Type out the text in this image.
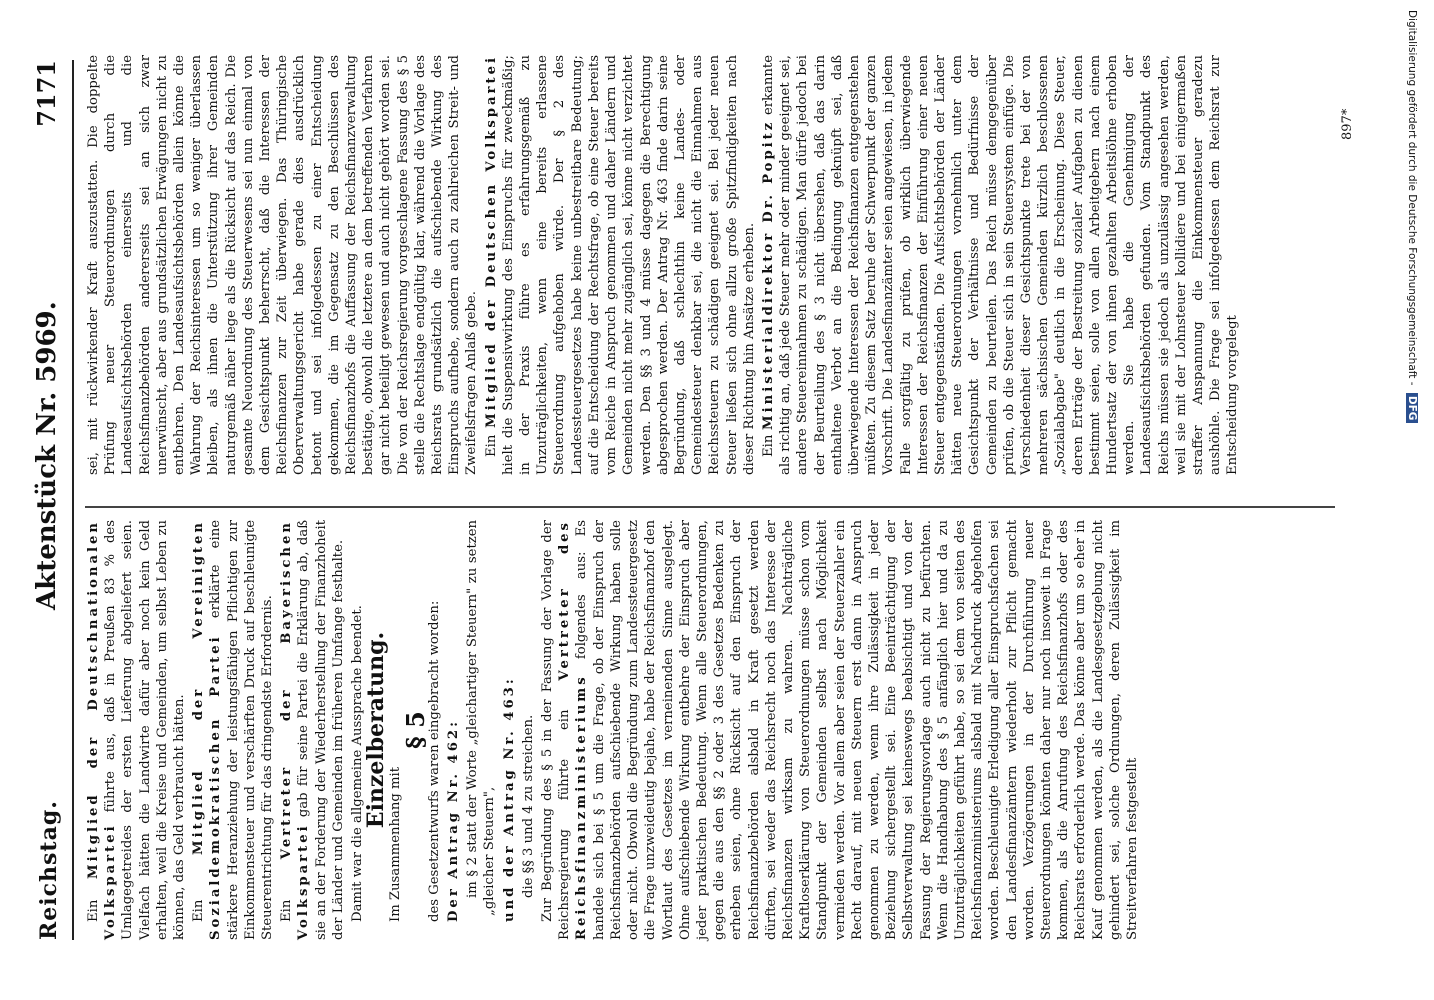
Reichstag.
Aktenstück Nr. 5969.
7171

Ein Mitglied der Deutschnationalen Volkspartei führte aus, daß in Preußen 83 % des Umlagegetreides der ersten Lieferung abgeliefert seien. Vielfach hätten die Landwirte dafür aber noch kein Geld erhalten, weil die Kreise und Gemeinden, um selbst Leben zu können, das Geld verbraucht hätten. Ein Mitglied der Vereinigten Sozialdemokratischen Partei erklärte eine stärkere Heranziehung der leistungsfähigen Pflichtigen zur Einkommensteuer und verschärften Druck auf beschleunigte Steuerentrichtung für das dringendste Erfordernis. Ein Vertreter der Bayerischen Volkspartei gab für seine Partei die Erklärung ab, daß sie an der Forderung der Wiederherstellung der Finanzhoheit der Länder und Gemeinden im früheren Umfange festhalte. Damit war die allgemeine Aussprache beendet.

Einzelberatung.

Im Zusammenhang mit

§ 5

des Gesetzentwurfs waren eingebracht worden: Der Antrag Nr. 462: im § 2 statt der Worte „gleichartiger Steuern" zu setzen „gleicher Steuern", und der Antrag Nr. 463: die §§ 3 und 4 zu streichen. Zur Begründung des § 5 in der Fassung der Vorlage der Reichsregierung führte ein Vertreter des Reichsfinanzministeriums folgendes aus: Es handele sich bei § 5 um die Frage, ob der Einspruch der Reichsfinanzbehörden aufschiebende Wirkung haben solle oder nicht. Obwohl die Begründung zum Landessteuergesetz die Frage unzweideutig bejahe, habe der Reichsfinanzhof den Wortlaut des Gesetzes im verneinenden Sinne ausgelegt. Ohne aufschiebende Wirkung entbehre der Einspruch aber jeder praktischen Bedeutung. Wenn alle Steuerordnungen, gegen die aus den §§ 2 oder 3 des Gesetzes Bedenken zu erheben seien, ohne Rücksicht auf den Einspruch der Reichsfinanzbehörden alsbald in Kraft gesetzt werden dürften, sei weder das Reichsrecht noch das Interesse der Reichsfinanzen wirksam zu wahren. Nachträgliche Kraftloserklärung von Steuerordnungen müsse schon vom Standpunkt der Gemeinden selbst nach Möglichkeit vermieden werden. Vor allem aber seien der Steuerzahler ein Recht darauf, mit neuen Steuern erst dann in Anspruch genommen zu werden, wenn ihre Zulässigkeit in jeder Beziehung sichergestellt sei. Eine Beeinträchtigung der Selbstverwaltung sei keineswegs beabsichtigt und von der Fassung der Regierungsvorlage auch nicht zu befürchten. Wenn die Handhabung des § 5 anfänglich hier und da zu Unzuträglichkeiten geführt habe, so sei dem von seiten des Reichsfinanzministeriums alsbald mit Nachdruck abgeholfen worden. Beschleunigte Erledigung aller Einspruchsfachen sei den Landesfinanzämtern wiederholt zur Pflicht gemacht worden. Verzögerungen in der Durchführung neuer Steuerordnungen könnten daher nur noch insoweit in Frage kommen, als die Anrufung des Reichsfinanzhofs oder des Reichsrats erforderlich werde. Das könne aber um so eher in Kauf genommen werden, als die Landesgesetzgebung nicht gehindert sei, solche Ordnungen, deren Zulässigkeit im Streitverfahren festgestellt

sei, mit rückwirkender Kraft auszustatten. Die doppelte Prüfung neuer Steuerordnungen durch die Landesaufsichtsbehörden einerseits und die Reichsfinanzbehörden andererseits sei an sich zwar unerwünscht, aber aus grundsätzlichen Erwägungen nicht zu entbehren. Den Landesaufsichtsbehörden allein könne die Wahrung der Reichsinteressen um so weniger überlassen bleiben, als ihnen die Unterstützung ihrer Gemeinden naturgemäß näher liege als die Rücksicht auf das Reich. Die gesamte Neuordnung des Steuerwesens sei nun einmal von dem Gesichtspunkt beherrscht, daß die Interessen der Reichsfinanzen zur Zeit überwiegen. Das Thüringische Oberverwaltungsgericht habe gerade dies ausdrücklich betont und sei infolgedessen zu einer Entscheidung gekommen, die im Gegensatz zu den Beschlüssen des Reichsfinanzhofs die Auffassung der Reichsfinanzverwaltung bestätige, obwohl die letztere an dem betreffenden Verfahren gar nicht beteiligt gewesen und auch nicht gehört worden sei. Die von der Reichsregierung vorgeschlagene Fassung des § 5 stelle die Rechtslage endgültig klar, während die Vorlage des Reichsrats grundsätzlich die aufschiebende Wirkung des Einspruchs aufhebe, sondern auch zu zahlreichen Streit- und Zweifelsfragen Anlaß gebe. Ein Mitglied der Deutschen Volkspartei hielt die Suspensivwirkung des Einspruchs für zweckmäßig; in der Praxis führe es erfahrungsgemäß zu Unzuträglichkeiten, wenn eine bereits erlassene Steuerordnung aufgehoben würde. Der § 2 des Landessteuergesetzes habe keine unbestreitbare Bedeutung; auf die Entscheidung der Rechtsfrage, ob eine Steuer bereits vom Reiche in Anspruch genommen und daher Ländern und Gemeinden nicht mehr zugänglich sei, könne nicht verzichtet werden. Den §§ 3 und 4 müsse dagegen die Berechtigung abgesprochen werden. Der Antrag Nr. 463 finde darin seine Begründung, daß schlechthin keine Landes- oder Gemeindesteuer denkbar sei, die nicht die Einnahmen aus Reichssteuern zu schädigen geeignet sei. Bei jeder neuen Steuer ließen sich ohne allzu große Spitzfindigkeiten nach dieser Richtung hin Ansätze erheben. Ein Ministerialdirektor Dr. Popitz erkannte als richtig an, daß jede Steuer mehr oder minder geeignet sei, andere Steuereinnahmen zu schädigen. Man dürfe jedoch bei der Beurteilung des § 3 nicht übersehen, daß das darin enthaltene Verbot an die Bedingung geknüpft sei, daß überwiegende Interessen der Reichsfinanzen entgegenstehen müßten. Zu diesem Satz beruhe der Schwerpunkt der ganzen Vorschrift. Die Landesfinanzämter seien angewiesen, in jedem Falle sorgfältig zu prüfen, ob wirklich überwiegende Interessen der Reichsfinanzen der Einführung einer neuen Steuer entgegenständen. Die Aufsichtsbehörden der Länder hätten neue Steuerordnungen vornehmlich unter dem Gesichtspunkt der Verhältnisse und Bedürfnisse der Gemeinden zu beurteilen. Das Reich müsse demgegenüber prüfen, ob die Steuer sich in sein Steuersystem einfüge. Die Verschiedenheit dieser Gesichtspunkte trete bei der von mehreren sächsischen Gemeinden kürzlich beschlossenen „Sozialabgabe" deutlich in die Erscheinung. Diese Steuer, deren Erträge der Bestreitung sozialer Aufgaben zu dienen bestimmt seien, solle von allen Arbeitgebern nach einem Hundertsatz der von ihnen gezahlten Arbeitslöhne erhoben werden. Sie habe die Genehmigung der Landesaufsichtsbehörden gefunden. Vom Standpunkt des Reichs müssen sie jedoch als unzulässig angesehen werden, weil sie mit der Lohnsteuer kollidiere und bei einigermaßen straffer Anspannung die Einkommensteuer geradezu aushöhle. Die Frage sei infolgedessen dem Reichsrat zur Entscheidung vorgelegt

897*	Digitalisierung gefördert durch die Deutsche Forschungsgemeinschaft - DFG
